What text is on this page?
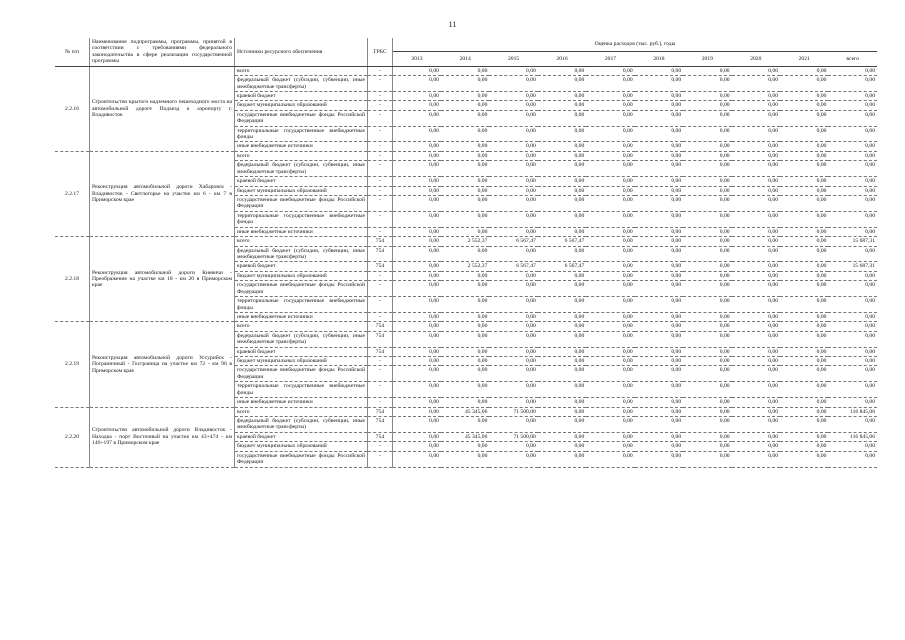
11
№ п/п	Наименование подпрограммы, программы, принятой в соответствии с требованиями федерального законодательства в сфере реализации государственной программы	Источники ресурсного обеспечения	ГРБС	Оценка расходов (тыс. руб.), годы									
				2013	2014	2015	2016	2017	2018	2019	2020	2021	всего
2.2.16	Строительство крытого надземного пешеходного моста на автомобильной дороге Подъезд к аэропорту г. Владивосток	всего	-	0,00	0,00	0,00	0,00	0,00	0,00	0,00	0,00	0,00	0,00
		федеральный бюджет (субсидии, субвенции, иные межбюджетные трансферты)	-	0,00	0,00	0,00	0,00	0,00	0,00	0,00	0,00	0,00	0,00
		краевой бюджет	-	0,00	0,00	0,00	0,00	0,00	0,00	0,00	0,00	0,00	0,00
		бюджет муниципальных образований	-	0,00	0,00	0,00	0,00	0,00	0,00	0,00	0,00	0,00	0,00
		государственные внебюджетные фонды Российской Федерации	-	0,00	0,00	0,00	0,00	0,00	0,00	0,00	0,00	0,00	0,00
		территориальные государственные внебюджетные фонды	-	0,00	0,00	0,00	0,00	0,00	0,00	0,00	0,00	0,00	0,00
		иные внебюджетные источники	-	0,00	0,00	0,00	0,00	0,00	0,00	0,00	0,00	0,00	0,00
2.2.17	Реконструкция автомобильной дороги Хабаровск - Владивосток - Светлогорье на участке км 6 - км 7 в Приморском крае	всего	-	0,00	0,00	0,00	0,00	0,00	0,00	0,00	0,00	0,00	0,00
		федеральный бюджет (субсидии, субвенции, иные межбюджетные трансферты)	-	0,00	0,00	0,00	0,00	0,00	0,00	0,00	0,00	0,00	0,00
		краевой бюджет	-	0,00	0,00	0,00	0,00	0,00	0,00	0,00	0,00	0,00	0,00
		бюджет муниципальных образований	-	0,00	0,00	0,00	0,00	0,00	0,00	0,00	0,00	0,00	0,00
		государственные внебюджетные фонды Российской Федерации	-	0,00	0,00	0,00	0,00	0,00	0,00	0,00	0,00	0,00	0,00
		территориальные государственные внебюджетные фонды	-	0,00	0,00	0,00	0,00	0,00	0,00	0,00	0,00	0,00	0,00
		иные внебюджетные источники	-	0,00	0,00	0,00	0,00	0,00	0,00	0,00	0,00	0,00	0,00
2.2.18	Реконструкция автомобильной дороги Кневичи - Преображение на участке км 18 - км 20 в Приморском крае	всего	754	0,00	2 552,37	6 567,47	6 567,47	0,00	0,00	0,00	0,00	0,00	15 687,31
		федеральный бюджет (субсидии, субвенции, иные межбюджетные трансферты)	754	0,00	0,00	0,00	0,00	0,00	0,00	0,00	0,00	0,00	0,00
		краевой бюджет	754	0,00	2 552,37	6 567,47	6 567,47	0,00	0,00	0,00	0,00	0,00	15 687,31
		бюджет муниципальных образований	-	0,00	0,00	0,00	0,00	0,00	0,00	0,00	0,00	0,00	0,00
		государственные внебюджетные фонды Российской Федерации	-	0,00	0,00	0,00	0,00	0,00	0,00	0,00	0,00	0,00	0,00
		территориальные государственные внебюджетные фонды	-	0,00	0,00	0,00	0,00	0,00	0,00	0,00	0,00	0,00	0,00
		иные внебюджетные источники	-	0,00	0,00	0,00	0,00	0,00	0,00	0,00	0,00	0,00	0,00
2.2.19	Реконструкция автомобильной дороги Уссурийск - Пограничный - Госграница на участке км 72 - км 96 в Приморском крае	всего	754	0,00	0,00	0,00	0,00	0,00	0,00	0,00	0,00	0,00	0,00
		федеральный бюджет (субсидии, субвенции, иные межбюджетные трансферты)	754	0,00	0,00	0,00	0,00	0,00	0,00	0,00	0,00	0,00	0,00
		краевой бюджет	754	0,00	0,00	0,00	0,00	0,00	0,00	0,00	0,00	0,00	0,00
		бюджет муниципальных образований	-	0,00	0,00	0,00	0,00	0,00	0,00	0,00	0,00	0,00	0,00
		государственные внебюджетные фонды Российской Федерации	-	0,00	0,00	0,00	0,00	0,00	0,00	0,00	0,00	0,00	0,00
		территориальные государственные внебюджетные фонды	-	0,00	0,00	0,00	0,00	0,00	0,00	0,00	0,00	0,00	0,00
		иные внебюджетные источники	-	0,00	0,00	0,00	0,00	0,00	0,00	0,00	0,00	0,00	0,00
2.2.20	Строительство автомобильной дороги Владивосток - Находка - порт Восточный на участке км 43+474 - км 146+197 в Приморском крае	всего	754	0,00	45 345,06	71 500,00	0,00	0,00	0,00	0,00	0,00	0,00	116 845,06
		федеральный бюджет (субсидии, субвенции, иные межбюджетные трансферты)	754	0,00	0,00	0,00	0,00	0,00	0,00	0,00	0,00	0,00	0,00
		краевой бюджет	754	0,00	45 345,06	71 500,00	0,00	0,00	0,00	0,00	0,00	0,00	116 845,06
		бюджет муниципальных образований	-	0,00	0,00	0,00	0,00	0,00	0,00	0,00	0,00	0,00	0,00
		государственные внебюджетные фонды Российской Федерации	-	0,00	0,00	0,00	0,00	0,00	0,00	0,00	0,00	0,00	0,00
